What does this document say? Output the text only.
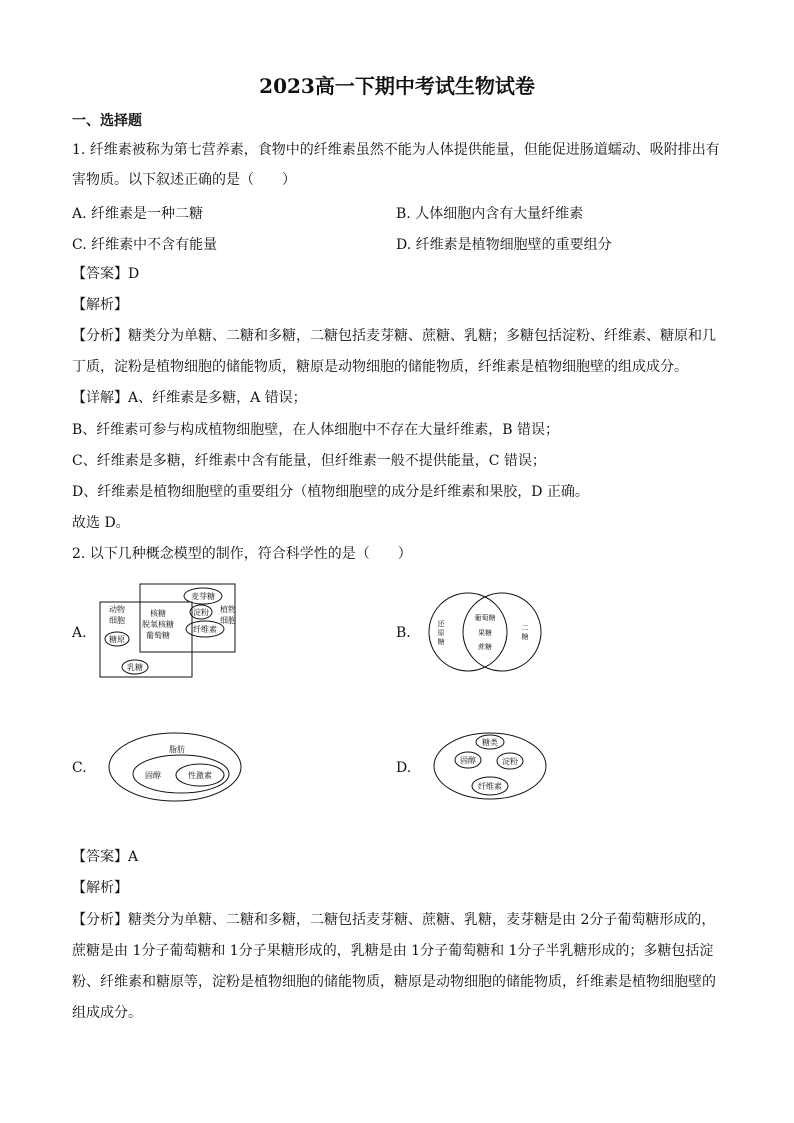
2023高一下期中考试生物试卷
一、选择题
1. 纤维素被称为第七营养素，食物中的纤维素虽然不能为人体提供能量，但能促进肠道蠕动、吸附排出有
害物质。以下叙述正确的是（　　）
A. 纤维素是一种二糖	B. 人体细胞内含有大量纤维素
C. 纤维素中不含有能量	D. 纤维素是植物细胞壁的重要组分
【答案】D
【解析】
【分析】糖类分为单糖、二糖和多糖，二糖包括麦芽糖、蔗糖、乳糖；多糖包括淀粉、纤维素、糖原和几
丁质，淀粉是植物细胞的储能物质，糖原是动物细胞的储能物质，纤维素是植物细胞壁的组成成分。
【详解】A、纤维素是多糖，A 错误；
B、纤维素可参与构成植物细胞壁，在人体细胞中不存在大量纤维素，B 错误；
C、纤维素是多糖，纤维素中含有能量，但纤维素一般不提供能量，C 错误；
D、纤维素是植物细胞壁的重要组分（植物细胞壁的成分是纤维素和果胶，D 正确。
故选 D。
2. 以下几种概念模型的制作，符合科学性的是（　　）
A.
动物
细胞
植物
细胞
核糖
脱氧核糖
葡萄糖
麦芽糖
淀粉
纤维素
糖原
乳糖
B.
还
原
糖
葡萄糖
果糖
蔗糖
二
糖
C.
脂肪
固醇	性激素	D.
糖类
固醇	淀粉
纤维素
【答案】A
【解析】
【分析】糖类分为单糖、二糖和多糖，二糖包括麦芽糖、蔗糖、乳糖，麦芽糖是由 2分子葡萄糖形成的，
蔗糖是由 1分子葡萄糖和 1分子果糖形成的，乳糖是由 1分子葡萄糖和 1分子半乳糖形成的；多糖包括淀
粉、纤维素和糖原等，淀粉是植物细胞的储能物质，糖原是动物细胞的储能物质，纤维素是植物细胞壁的
组成成分。
